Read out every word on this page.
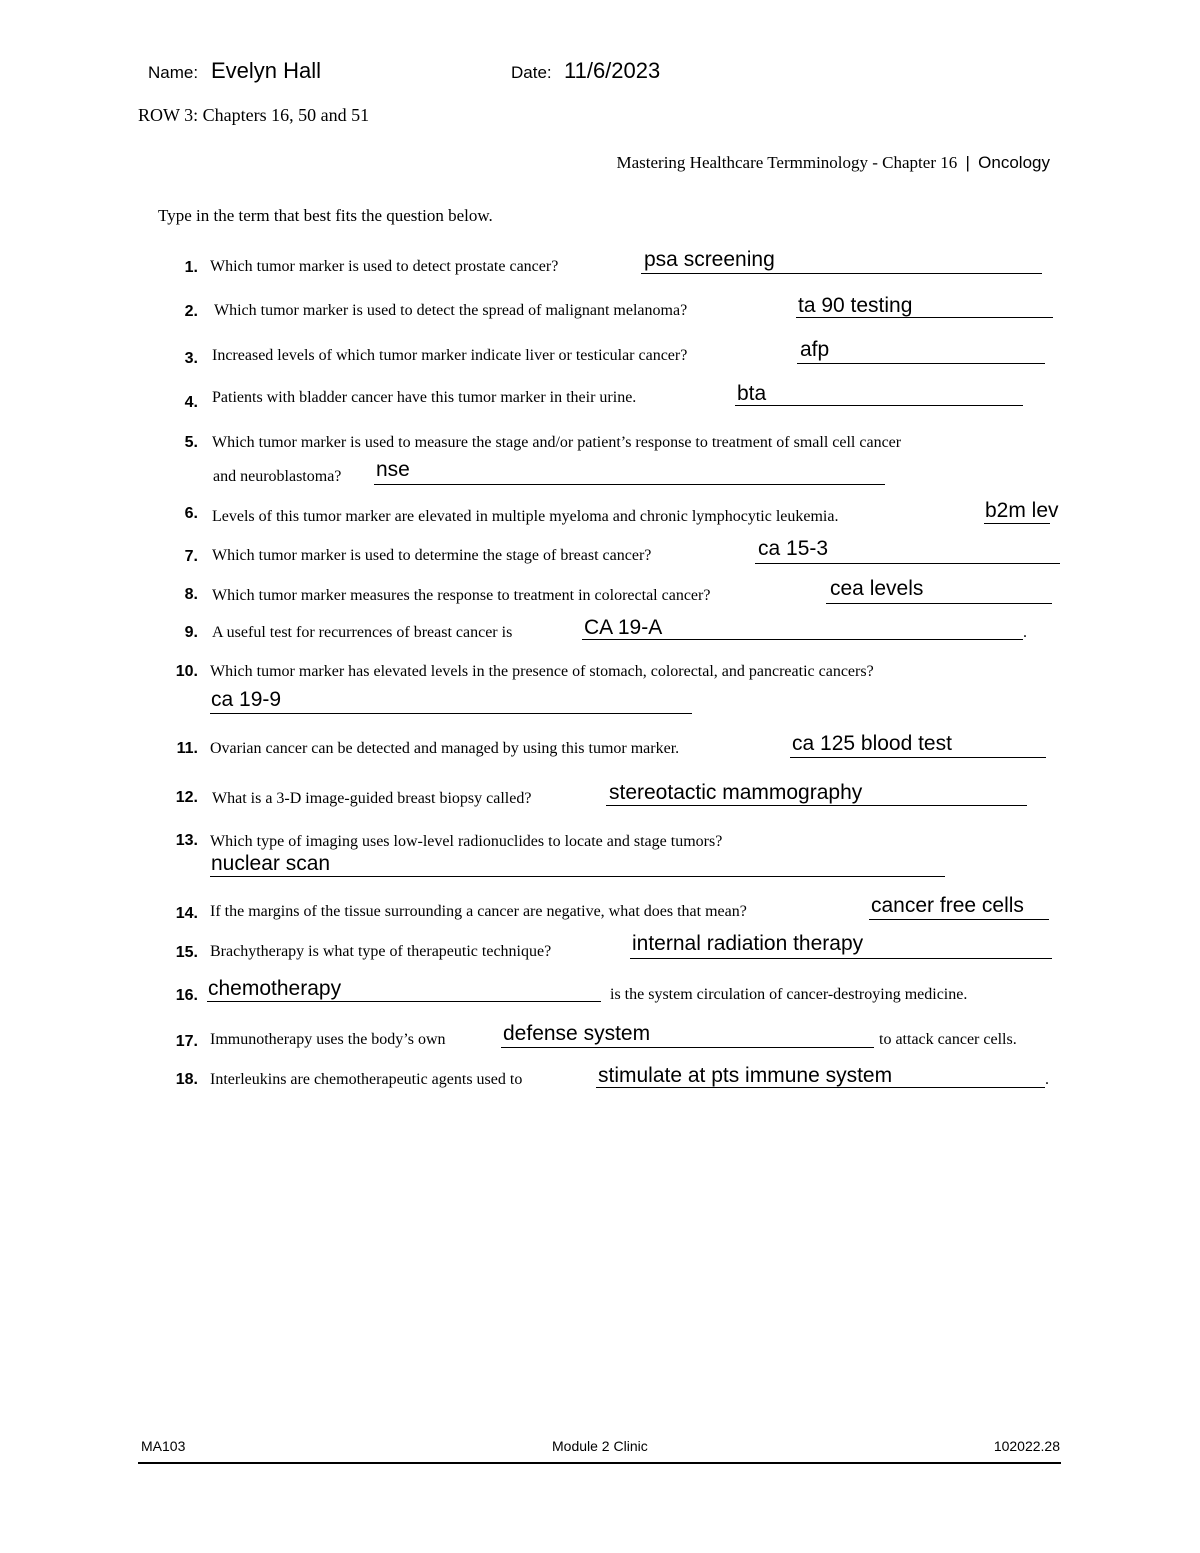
Name: Evelyn Hall	Date: 11/6/2023
ROW 3: Chapters 16, 50 and 51
Mastering Healthcare Termminology - Chapter 16 | Oncology
Type in the term that best fits the question below.
1. Which tumor marker is used to detect prostate cancer?	psa screening
2. Which tumor marker is used to detect the spread of malignant melanoma?	ta 90 testing
3. Increased levels of which tumor marker indicate liver or testicular cancer?	afp
4. Patients with bladder cancer have this tumor marker in their urine.	bta
5. Which tumor marker is used to measure the stage and/or patient’s response to treatment of small cell cancer
and neuroblastoma? nse
6. Levels of this tumor marker are elevated in multiple myeloma and chronic lymphocytic leukemia.	b2m lev
7. Which tumor marker is used to determine the stage of breast cancer?	ca 15-3
8. Which tumor marker measures the response to treatment in colorectal cancer?	cea levels
9. A useful test for recurrences of breast cancer is	CA 19-A	.
10. Which tumor marker has elevated levels in the presence of stomach, colorectal, and pancreatic cancers?
ca 19-9
11. Ovarian cancer can be detected and managed by using this tumor marker.	ca 125 blood test
12. What is a 3-D image-guided breast biopsy called?	stereotactic mammography
13. Which type of imaging uses low-level radionuclides to locate and stage tumors?
nuclear scan
14. If the margins of the tissue surrounding a cancer are negative, what does that mean?	cancer free cells
15. Brachytherapy is what type of therapeutic technique?	internal radiation therapy
16. chemotherapy	is the system circulation of cancer-destroying medicine.
17. Immunotherapy uses the body’s own	defense system	to attack cancer cells.
18. Interleukins are chemotherapeutic agents used to	stimulate at pts immune system	.
MA103	Module 2 Clinic	102022.28
